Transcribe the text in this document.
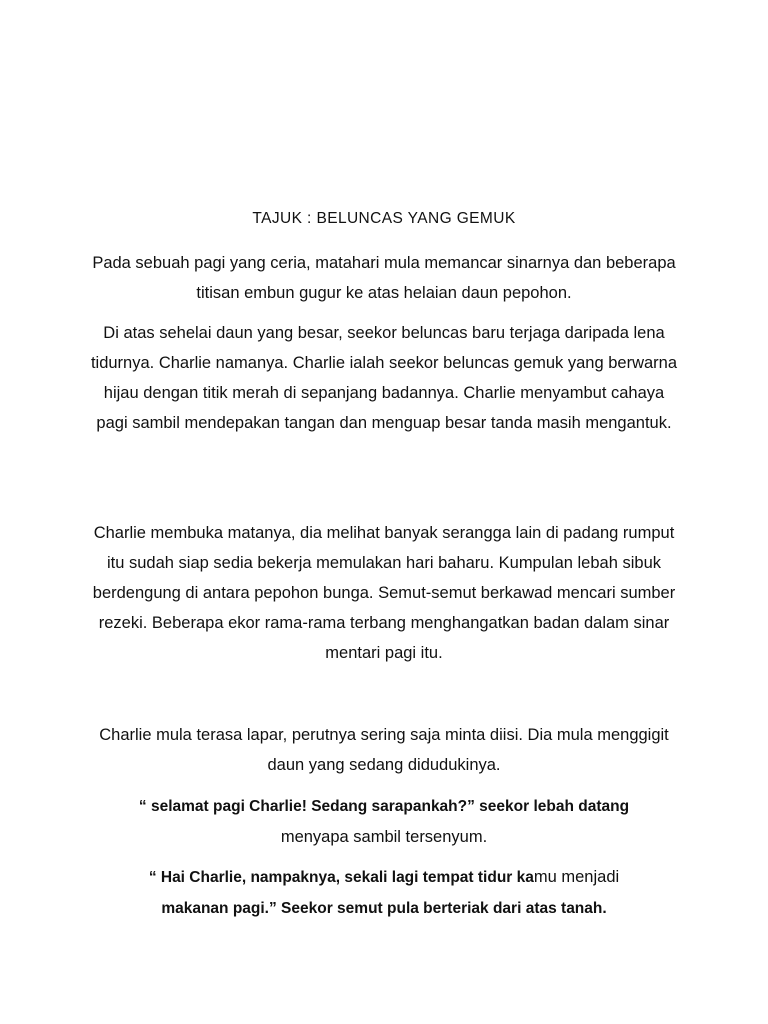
TAJUK : BELUNCAS YANG GEMUK

Pada sebuah pagi yang ceria, matahari mula memancar sinarnya dan beberapa titisan embun gugur ke atas helaian daun pepohon.

Di atas sehelai daun yang besar, seekor beluncas baru terjaga daripada lena tidurnya. Charlie namanya. Charlie ialah seekor beluncas gemuk yang berwarna hijau dengan titik merah di sepanjang badannya. Charlie menyambut cahaya pagi sambil mendepakan tangan dan menguap besar tanda masih mengantuk.

Charlie membuka matanya, dia melihat banyak serangga lain di padang rumput itu sudah siap sedia bekerja memulakan hari baharu. Kumpulan lebah sibuk berdengung di antara pepohon bunga. Semut-semut berkawad mencari sumber rezeki. Beberapa ekor rama-rama terbang menghangatkan badan dalam sinar mentari pagi itu.

Charlie mula terasa lapar, perutnya sering saja minta diisi. Dia mula menggigit daun yang sedang didudukinya.

“ selamat pagi Charlie! Sedang sarapankah?” seekor lebah datang
menyapa sambil tersenyum.

“ Hai Charlie, nampaknya, sekali lagi tempat tidur kamu menjadi
makanan pagi.” Seekor semut pula berteriak dari atas tanah.
